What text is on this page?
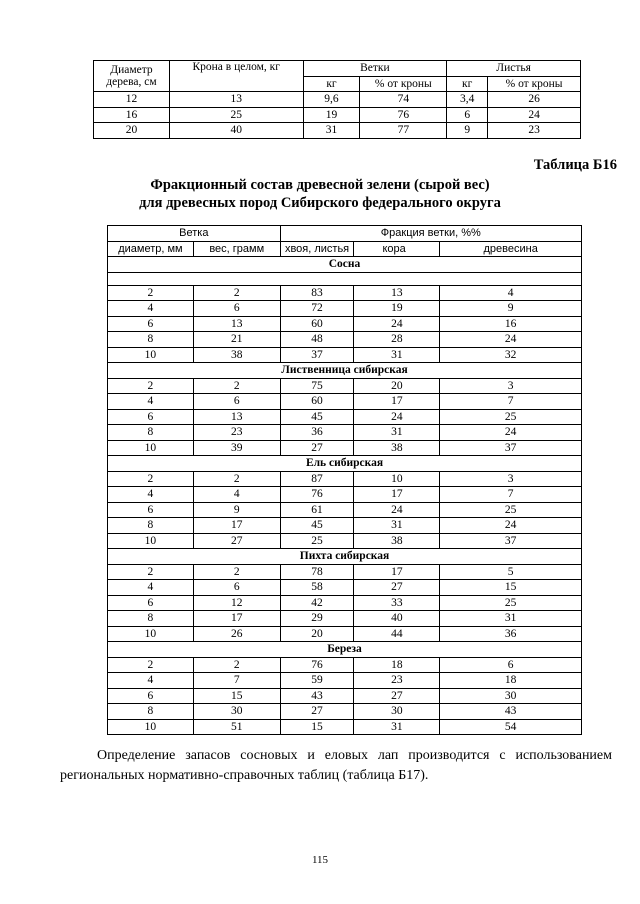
Диаметр
дерева, см	Крона в целом, кг	Ветки		Листья	
		кг	% от кроны	кг	% от кроны
12	13	9,6	74	3,4	26
16	25	19	76	6	24
20	40	31	77	9	23
Таблица Б16
Фракционный состав древесной зелени (сырой вес)
для древесных пород Сибирского федерального округа
Ветка		Фракция ветки, %%		
диаметр, мм	вес, грамм	хвоя, листья	кора	древесина
Сосна				

2	2	83	13	4
4	6	72	19	9
6	13	60	24	16
8	21	48	28	24
10	38	37	31	32
Лиственница сибирская				
2	2	75	20	3
4	6	60	17	7
6	13	45	24	25
8	23	36	31	24
10	39	27	38	37
Ель сибирская				
2	2	87	10	3
4	4	76	17	7
6	9	61	24	25
8	17	45	31	24
10	27	25	38	37
Пихта сибирская				
2	2	78	17	5
4	6	58	27	15
6	12	42	33	25
8	17	29	40	31
10	26	20	44	36
Береза				
2	2	76	18	6
4	7	59	23	18
6	15	43	27	30
8	30	27	30	43
10	51	15	31	54
Определение запасов сосновых и еловых лап производится с использованием
региональных нормативно-справочных таблиц (таблица Б17).
115
